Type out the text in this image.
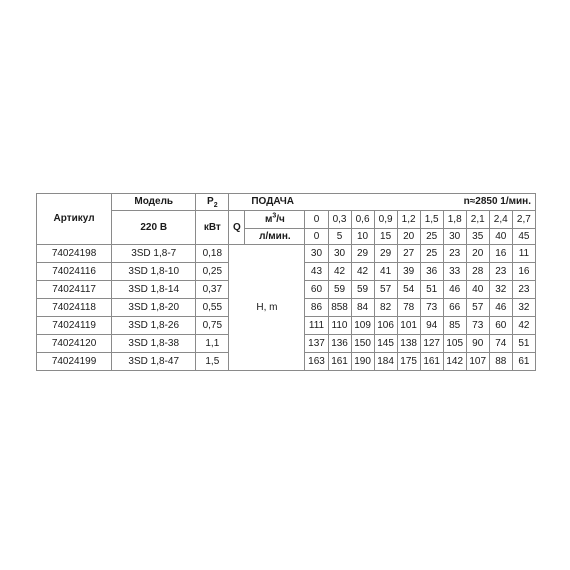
Артикул	Модель	$P_2$		ПОДАЧА		n≈2850 1/мин.								
	220 В	кВт	Q	$м^3/ч$	0	0,3	0,6	0,9	1,2	1,5	1,8	2,1	2,4	2,7
				л/мин.	0	5	10	15	20	25	30	35	40	45
74024198	3SD 1,8-7	0,18	H, m		30	30	29	29	27	25	23	20	16	11
74024116	3SD 1,8-10	0,25			43	42	42	41	39	36	33	28	23	16
74024117	3SD 1,8-14	0,37			60	59	59	57	54	51	46	40	32	23
74024118	3SD 1,8-20	0,55			86	858	84	82	78	73	66	57	46	32
74024119	3SD 1,8-26	0,75			111	110	109	106	101	94	85	73	60	42
74024120	3SD 1,8-38	1,1			137	136	150	145	138	127	105	90	74	51
74024199	3SD 1,8-47	1,5			163	161	190	184	175	161	142	107	88	61
